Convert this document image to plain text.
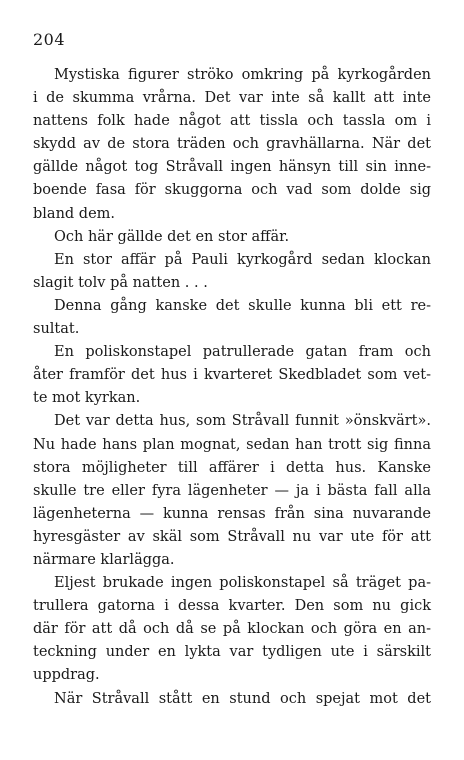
204
Mystiska figurer ströko omkring på kyrkogården
i de skumma vrårna. Det var inte så kallt att inte
nattens folk hade något att tissla och tassla om i
skydd av de stora träden och gravhällarna. När det
gällde något tog Stråvall ingen hänsyn till sin inne-
boende fasa för skuggorna och vad som dolde sig
bland dem.
Och här gällde det en stor affär.
En stor affär på Pauli kyrkogård sedan klockan
slagit tolv på natten . . .
Denna gång kanske det skulle kunna bli ett re-
sultat.
En poliskonstapel patrullerade gatan fram och
åter framför det hus i kvarteret Skedbladet som vet-
te mot kyrkan.
Det var detta hus, som Stråvall funnit »önskvärt».
Nu hade hans plan mognat, sedan han trott sig finna
stora möjligheter till affärer i detta hus. Kanske
skulle tre eller fyra lägenheter — ja i bästa fall alla
lägenheterna — kunna rensas från sina nuvarande
hyresgäster av skäl som Stråvall nu var ute för att
närmare klarlägga.
Eljest brukade ingen poliskonstapel så träget pa-
trullera gatorna i dessa kvarter. Den som nu gick
där för att då och då se på klockan och göra en an-
teckning under en lykta var tydligen ute i särskilt
uppdrag.
När Stråvall stått en stund och spejat mot det
